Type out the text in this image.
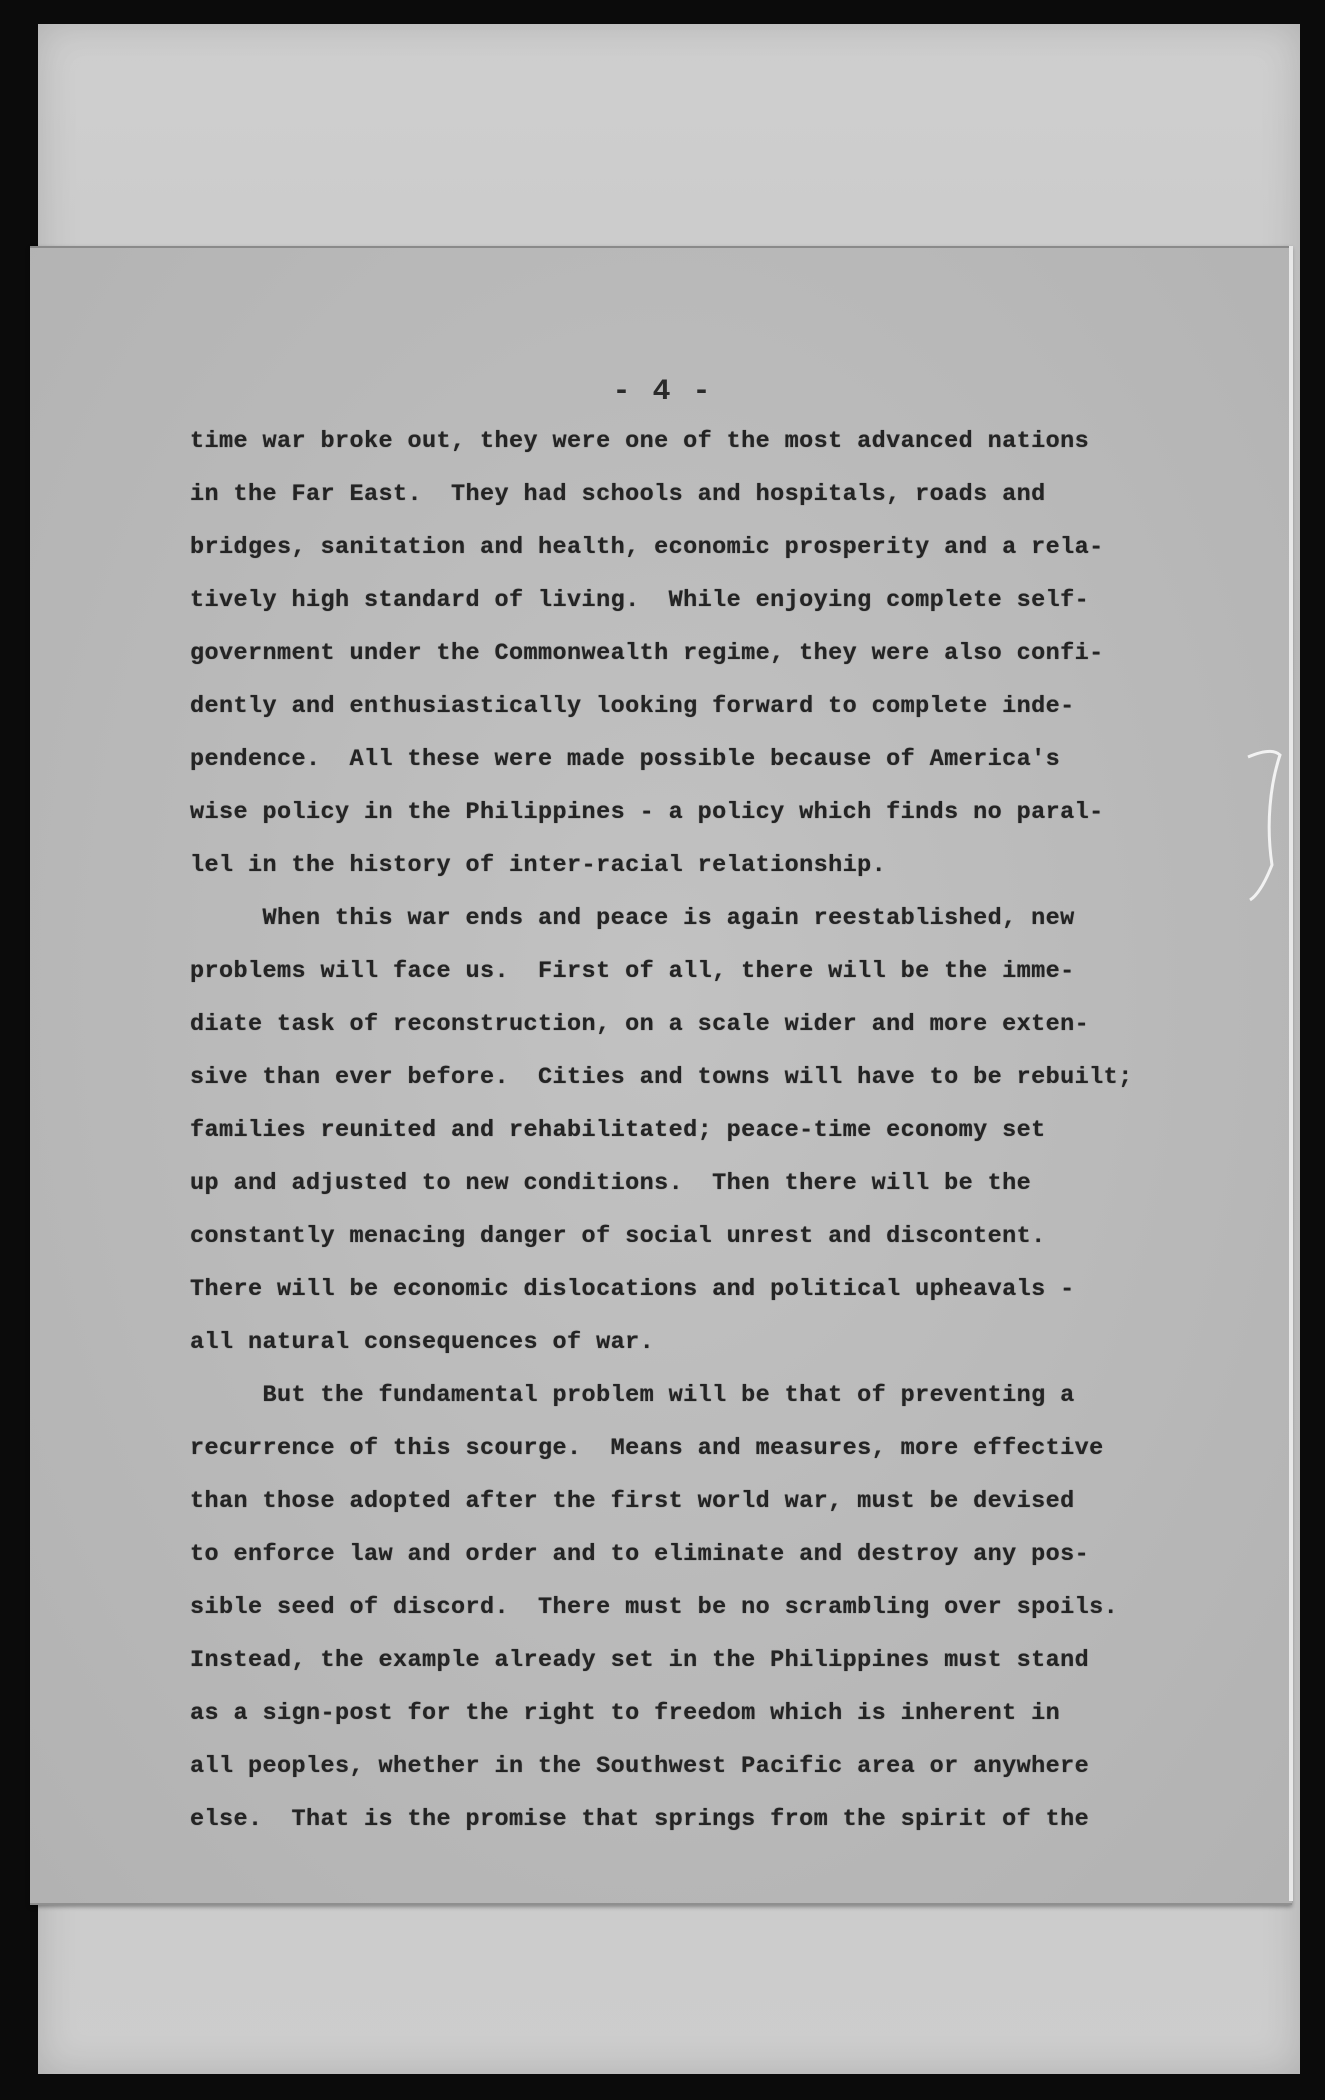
- 4 -
time war broke out, they were one of the most advanced nations
in the Far East.  They had schools and hospitals, roads and
bridges, sanitation and health, economic prosperity and a rela-
tively high standard of living.  While enjoying complete self-
government under the Commonwealth regime, they were also confi-
dently and enthusiastically looking forward to complete inde-
pendence.  All these were made possible because of America's
wise policy in the Philippines - a policy which finds no paral-
lel in the history of inter-racial relationship.
When this war ends and peace is again reestablished, new
problems will face us.  First of all, there will be the imme-
diate task of reconstruction, on a scale wider and more exten-
sive than ever before.  Cities and towns will have to be rebuilt;
families reunited and rehabilitated; peace-time economy set
up and adjusted to new conditions.  Then there will be the
constantly menacing danger of social unrest and discontent.
There will be economic dislocations and political upheavals -
all natural consequences of war.
But the fundamental problem will be that of preventing a
recurrence of this scourge.  Means and measures, more effective
than those adopted after the first world war, must be devised
to enforce law and order and to eliminate and destroy any pos-
sible seed of discord.  There must be no scrambling over spoils.
Instead, the example already set in the Philippines must stand
as a sign-post for the right to freedom which is inherent in
all peoples, whether in the Southwest Pacific area or anywhere
else.  That is the promise that springs from the spirit of the
